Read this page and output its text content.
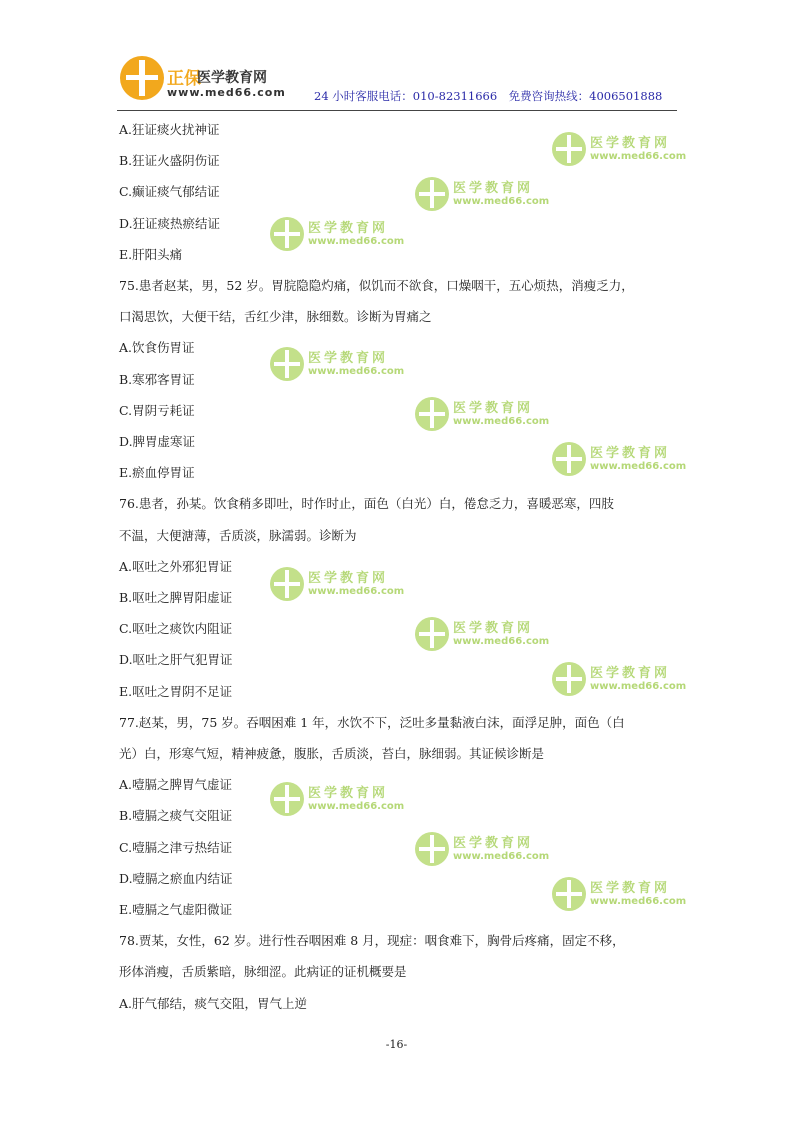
正保
医学教育网
www.med66.com 24 小时客服电话：010-82311666　免费咨询热线：4006501888
医学教育网
www.med66.com
医学教育网
www.med66.com
医学教育网
www.med66.com
医学教育网
www.med66.com
医学教育网
www.med66.com
医学教育网
www.med66.com
医学教育网
www.med66.com
医学教育网
www.med66.com
医学教育网
www.med66.com
医学教育网
www.med66.com
医学教育网
www.med66.com
医学教育网
www.med66.com
A.狂证痰火扰神证
B.狂证火盛阴伤证
C.癫证痰气郁结证
D.狂证痰热瘀结证
E.肝阳头痛
75.患者赵某，男，52 岁。胃脘隐隐灼痛，似饥而不欲食，口燥咽干，五心烦热，消瘦乏力，
口渴思饮，大便干结，舌红少津，脉细数。诊断为胃痛之
A.饮食伤胃证
B.寒邪客胃证
C.胃阴亏耗证
D.脾胃虚寒证
E.瘀血停胃证
76.患者，孙某。饮食稍多即吐，时作时止，面色（白光）白，倦怠乏力，喜暖恶寒，四肢
不温，大便溏薄，舌质淡，脉濡弱。诊断为
A.呕吐之外邪犯胃证
B.呕吐之脾胃阳虚证
C.呕吐之痰饮内阻证
D.呕吐之肝气犯胃证
E.呕吐之胃阴不足证
77.赵某，男，75 岁。吞咽困难 1 年，水饮不下，泛吐多量黏液白沫，面浮足肿，面色（白
光）白，形寒气短，精神疲惫，腹胀，舌质淡，苔白，脉细弱。其证候诊断是
A.噎膈之脾胃气虚证
B.噎膈之痰气交阻证
C.噎膈之津亏热结证
D.噎膈之瘀血内结证
E.噎膈之气虚阳微证
78.贾某，女性，62 岁。进行性吞咽困难 8 月，现症：咽食难下，胸骨后疼痛，固定不移，
形体消瘦，舌质紫暗，脉细涩。此病证的证机概要是
A.肝气郁结，痰气交阻，胃气上逆
-16-
